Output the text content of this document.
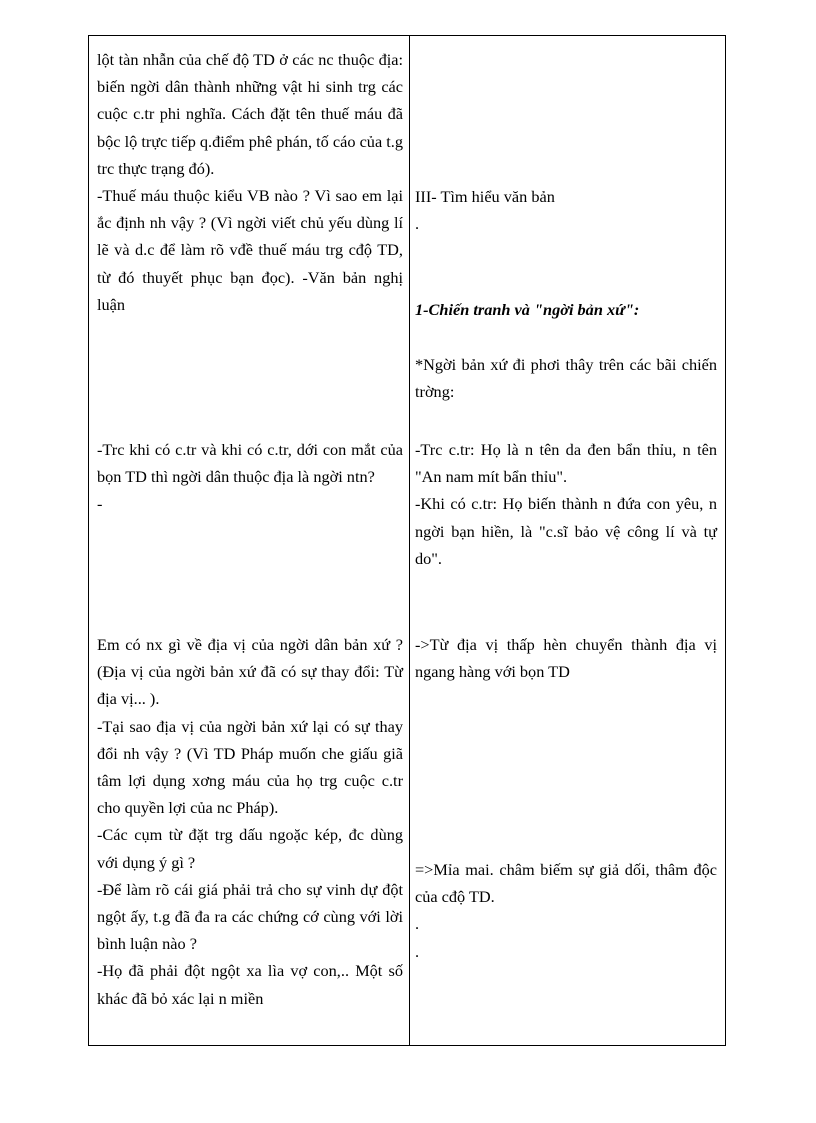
lột tàn nhẫn của chế độ TD ở các nc thuộc địa: biến ngời dân thành những vật hi sinh trg các cuộc c.tr phi nghĩa. Cách đặt tên thuế máu đã bộc lộ trực tiếp q.điểm phê phán, tố cáo của t.g trc thực trạng đó).

-Thuế máu thuộc kiểu VB nào ? Vì sao em lại ắc định nh vậy ? (Vì ngời viết chủ yếu dùng lí lẽ và d.c để làm rõ vđề thuế máu trg cđộ TD, từ đó thuyết phục bạn đọc). -Văn bản nghị luận

-Trc khi có c.tr và khi có c.tr, dới con mắt của bọn TD thì ngời dân thuộc địa là ngời ntn?

-

Em có nx gì về địa vị của ngời dân bản xứ ? (Địa vị của ngời bản xứ đã có sự thay đổi: Từ địa vị... ).

-Tại sao địa vị của ngời bản xứ lại có sự thay đổi nh vậy ? (Vì TD Pháp muốn che giấu giã tâm lợi dụng xơng máu của họ trg cuộc c.tr cho quyền lợi của nc Pháp).

-Các cụm từ đặt trg dấu ngoặc kép, đc dùng với dụng ý gì ?

-Để làm rõ cái giá phải trả cho sự vinh dự đột ngột ấy, t.g đã đa ra các chứng cớ cùng với lời bình luận nào ?

-Họ đã phải đột ngột xa lìa vợ con,.. Một số khác đã bỏ xác lại n miền

III- Tìm hiểu văn bản

.

1-Chiến tranh và "ngời bản xứ":

*Ngời bản xứ đi phơi thây trên các bãi chiến trờng:

-Trc c.tr: Họ là n tên da đen bẩn thỉu, n tên "An nam mít bẩn thỉu".

-Khi có c.tr: Họ biến thành n đứa con yêu, n ngời bạn hiền, là "c.sĩ bảo vệ công lí và tự do".

->Từ địa vị thấp hèn chuyển thành địa vị ngang hàng với bọn TD

=>Mỉa mai. châm biếm sự giả dối, thâm độc của cđộ TD.

.

.
